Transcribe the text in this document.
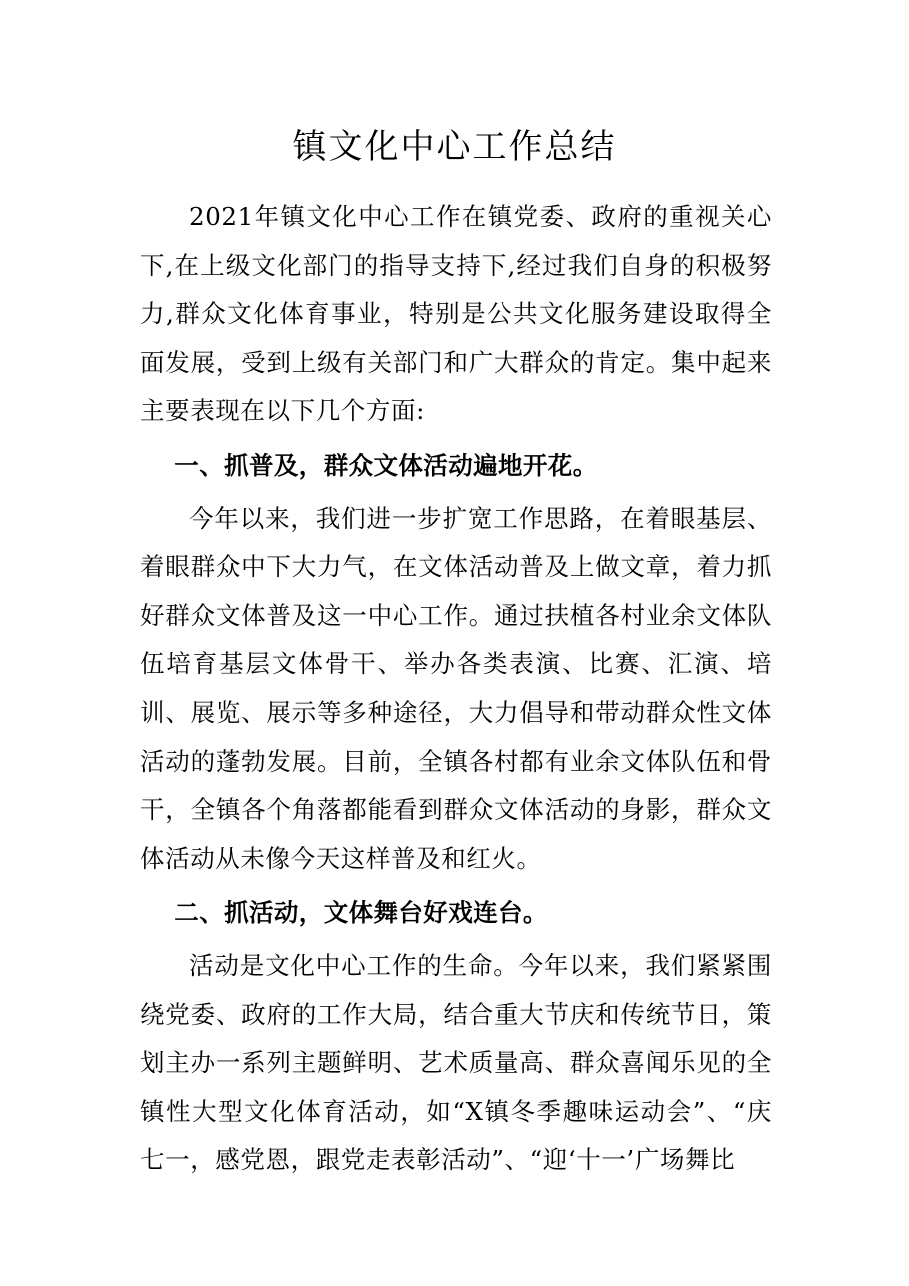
镇文化中心工作总结

2021年镇文化中心工作在镇党委、政府的重视关心下,在上级文化部门的指导支持下,经过我们自身的积极努力,群众文化体育事业，特别是公共文化服务建设取得全面发展，受到上级有关部门和广大群众的肯定。集中起来主要表现在以下几个方面:

一、抓普及，群众文体活动遍地开花。

今年以来，我们进一步扩宽工作思路，在着眼基层、着眼群众中下大力气，在文体活动普及上做文章，着力抓好群众文体普及这一中心工作。通过扶植各村业余文体队伍培育基层文体骨干、举办各类表演、比赛、汇演、培训、展览、展示等多种途径，大力倡导和带动群众性文体活动的蓬勃发展。目前，全镇各村都有业余文体队伍和骨干，全镇各个角落都能看到群众文体活动的身影，群众文体活动从未像今天这样普及和红火。

二、抓活动，文体舞台好戏连台。

活动是文化中心工作的生命。今年以来，我们紧紧围绕党委、政府的工作大局，结合重大节庆和传统节日，策划主办一系列主题鲜明、艺术质量高、群众喜闻乐见的全镇性大型文化体育活动，如“X镇冬季趣味运动会”、“庆七一，感党恩，跟党走表彰活动”、“迎‘十一’广场舞比
